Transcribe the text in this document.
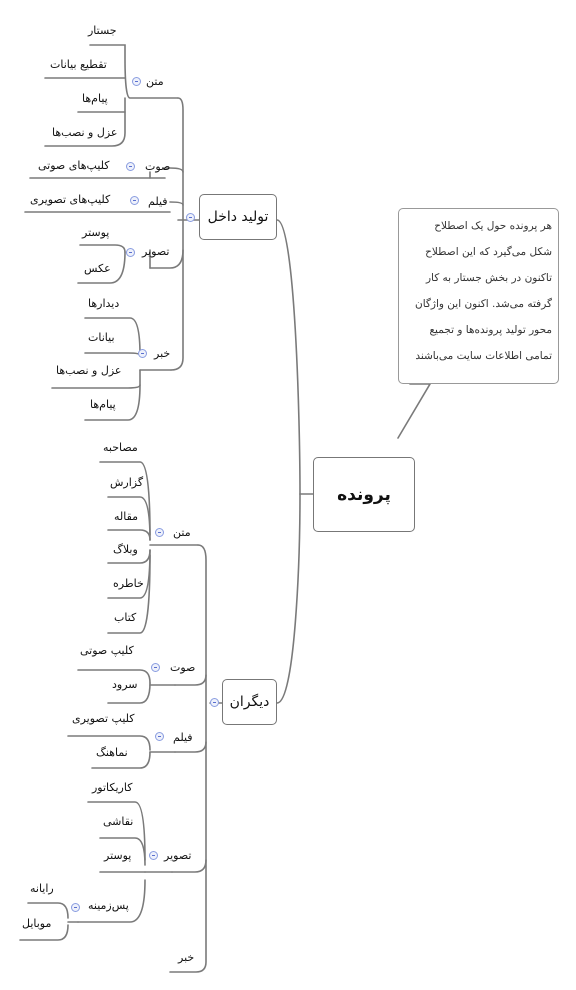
هر پرونده حول یک اصطلاح
شکل می‌گیرد که این اصطلاح
تاکنون در بخش جستار به کار
گرفته می‌شد. اکنون این واژگان
محور تولید پرونده‌ها و تجمیع
تمامی اطلاعات سایت می‌باشند
پرونده
تولید داخل
دیگران
متن
جستار
تقطیع بیانات
پیام‌ها
عزل و نصب‌ها
صوت
کلیپ‌های صوتی
فیلم
کلیپ‌های تصویری
تصویر
پوستر
عکس
خبر
دیدارها
بیانات
عزل و نصب‌ها
پیام‌ها
متن
مصاحبه
گزارش
مقاله
وبلاگ
خاطره
کتاب
صوت
کلیپ صوتی
سرود
فیلم
کلیپ تصویری
نماهنگ
تصویر
کاریکاتور
نقاشی
پوستر
پس‌زمینه
رایانه
موبایل
خبر
